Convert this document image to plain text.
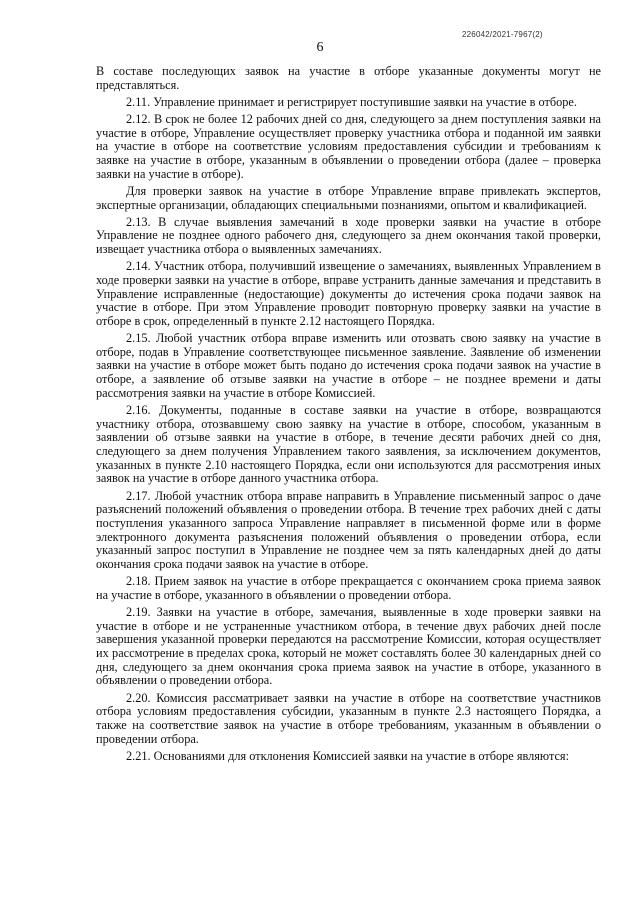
226042/2021-7967(2)
6

В составе последующих заявок на участие в отборе указанные документы могут не представляться.

2.11. Управление принимает и регистрирует поступившие заявки на участие в отборе.

2.12. В срок не более 12 рабочих дней со дня, следующего за днем поступления заявки на участие в отборе, Управление осуществляет проверку участника отбора и поданной им заявки на участие в отборе на соответствие условиям предоставления субсидии и требованиям к заявке на участие в отборе, указанным в объявлении о проведении отбора (далее – проверка заявки на участие в отборе).

Для проверки заявок на участие в отборе Управление вправе привлекать экспертов, экспертные организации, обладающих специальными познаниями, опытом и квалификацией.

2.13. В случае выявления замечаний в ходе проверки заявки на участие в отборе Управление не позднее одного рабочего дня, следующего за днем окончания такой проверки, извещает участника отбора о выявленных замечаниях.

2.14. Участник отбора, получивший извещение о замечаниях, выявленных Управлением в ходе проверки заявки на участие в отборе, вправе устранить данные замечания и представить в Управление исправленные (недостающие) документы до истечения срока подачи заявок на участие в отборе. При этом Управление проводит повторную проверку заявки на участие в отборе в срок, определенный в пункте 2.12 настоящего Порядка.

2.15. Любой участник отбора вправе изменить или отозвать свою заявку на участие в отборе, подав в Управление соответствующее письменное заявление. Заявление об изменении заявки на участие в отборе может быть подано до истечения срока подачи заявок на участие в отборе, а заявление об отзыве заявки на участие в отборе – не позднее времени и даты рассмотрения заявки на участие в отборе Комиссией.

2.16. Документы, поданные в составе заявки на участие в отборе, возвращаются участнику отбора, отозвавшему свою заявку на участие в отборе, способом, указанным в заявлении об отзыве заявки на участие в отборе, в течение десяти рабочих дней со дня, следующего за днем получения Управлением такого заявления, за исключением документов, указанных в пункте 2.10 настоящего Порядка, если они используются для рассмотрения иных заявок на участие в отборе данного участника отбора.

2.17. Любой участник отбора вправе направить в Управление письменный запрос о даче разъяснений положений объявления о проведении отбора. В течение трех рабочих дней с даты поступления указанного запроса Управление направляет в письменной форме или в форме электронного документа разъяснения положений объявления о проведении отбора, если указанный запрос поступил в Управление не позднее чем за пять календарных дней до даты окончания срока подачи заявок на участие в отборе.

2.18. Прием заявок на участие в отборе прекращается с окончанием срока приема заявок на участие в отборе, указанного в объявлении о проведении отбора.

2.19. Заявки на участие в отборе, замечания, выявленные в ходе проверки заявки на участие в отборе и не устраненные участником отбора, в течение двух рабочих дней после завершения указанной проверки передаются на рассмотрение Комиссии, которая осуществляет их рассмотрение в пределах срока, который не может составлять более 30 календарных дней со дня, следующего за днем окончания срока приема заявок на участие в отборе, указанного в объявлении о проведении отбора.

2.20. Комиссия рассматривает заявки на участие в отборе на соответствие участников отбора условиям предоставления субсидии, указанным в пункте 2.3 настоящего Порядка, а также на соответствие заявок на участие в отборе требованиям, указанным в объявлении о проведении отбора.

2.21. Основаниями для отклонения Комиссией заявки на участие в отборе являются:
